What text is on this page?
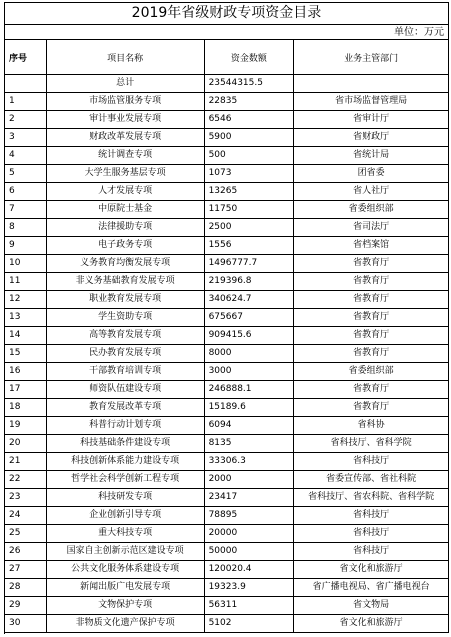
2019年省级财政专项资金目录
单位：万元
序号	项目名称	资金数额	业务主管部门
	总计	23544315.5	
1	市场监管服务专项	22835	省市场监督管理局
2	审计事业发展专项	6546	省审计厅
3	财政改革发展专项	5900	省财政厅
4	统计调查专项	500	省统计局
5	大学生服务基层专项	1073	团省委
6	人才发展专项	13265	省人社厅
7	中原院士基金	11750	省委组织部
8	法律援助专项	2500	省司法厅
9	电子政务专项	1556	省档案馆
10	义务教育均衡发展专项	1496777.7	省教育厅
11	非义务基础教育发展专项	219396.8	省教育厅
12	职业教育发展专项	340624.7	省教育厅
13	学生资助专项	675667	省教育厅
14	高等教育发展专项	909415.6	省教育厅
15	民办教育发展专项	8000	省教育厅
16	干部教育培训专项	3000	省委组织部
17	师资队伍建设专项	246888.1	省教育厅
18	教育发展改革专项	15189.6	省教育厅
19	科普行动计划专项	6094	省科协
20	科技基础条件建设专项	8135	省科技厅、省科学院
21	科技创新体系能力建设专项	33306.3	省科技厅
22	哲学社会科学创新工程专项	2000	省委宣传部、省社科院
23	科技研发专项	23417	省科技厅、省农科院、省科学院
24	企业创新引导专项	78895	省科技厅
25	重大科技专项	20000	省科技厅
26	国家自主创新示范区建设专项	50000	省科技厅
27	公共文化服务体系建设专项	120020.4	省文化和旅游厅
28	新闻出版广电发展专项	19323.9	省广播电视局、省广播电视台
29	文物保护专项	56311	省文物局
30	非物质文化遗产保护专项	5102	省文化和旅游厅
